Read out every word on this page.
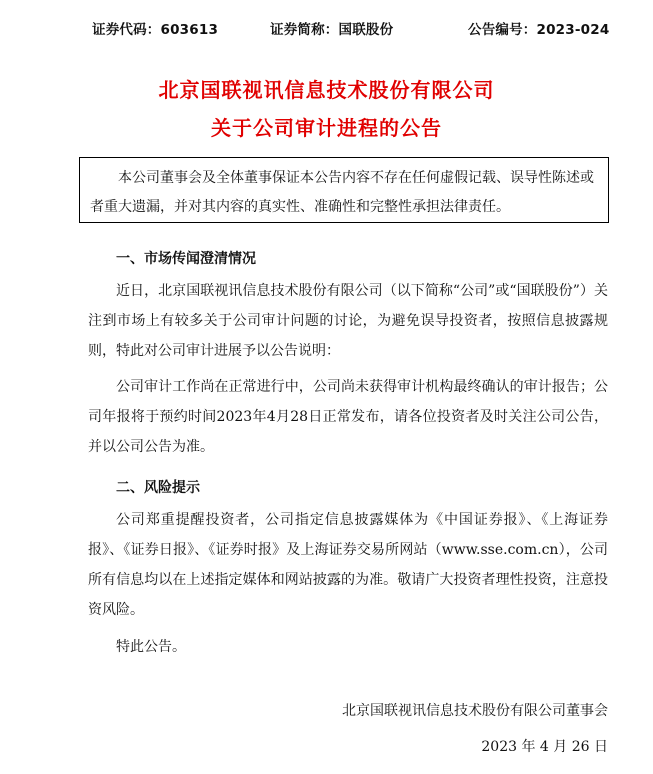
证券代码：603613	证券简称：国联股份	公告编号：2023-024
北京国联视讯信息技术股份有限公司
关于公司审计进程的公告

本公司董事会及全体董事保证本公告内容不存在任何虚假记载、误导性陈述或者重大遗漏，并对其内容的真实性、准确性和完整性承担法律责任。

一、市场传闻澄清情况

近日，北京国联视讯信息技术股份有限公司（以下简称“公司”或“国联股份”）关注到市场上有较多关于公司审计问题的讨论，为避免误导投资者，按照信息披露规则，特此对公司审计进展予以公告说明：

公司审计工作尚在正常进行中，公司尚未获得审计机构最终确认的审计报告；公司年报将于预约时间2023年4月28日正常发布，请各位投资者及时关注公司公告，并以公司公告为准。

二、风险提示

公司郑重提醒投资者，公司指定信息披露媒体为《中国证券报》、《上海证券报》、《证券日报》、《证券时报》及上海证券交易所网站（www.sse.com.cn），公司所有信息均以在上述指定媒体和网站披露的为准。敬请广大投资者理性投资，注意投资风险。

特此公告。

北京国联视讯信息技术股份有限公司董事会
2023 年 4 月 26 日
